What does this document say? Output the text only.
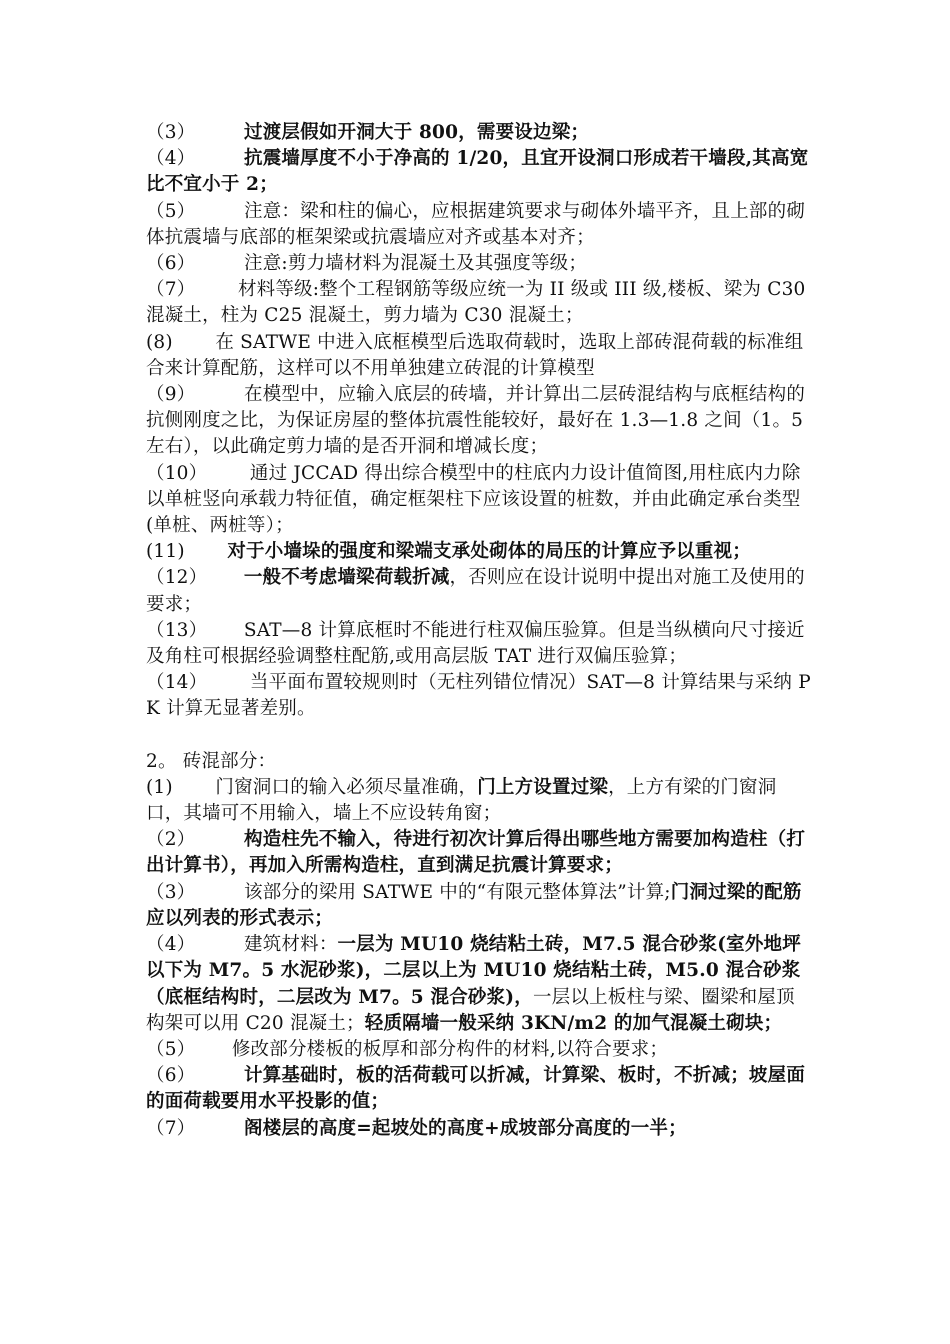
（3）	过渡层假如开洞大于 800，需要设边梁；

（4）	抗震墙厚度不小于净高的 1/20，且宜开设洞口形成若干墙段,其高宽比不宜小于 2；

（5）	注意：梁和柱的偏心，应根据建筑要求与砌体外墙平齐，且上部的砌体抗震墙与底部的框架梁或抗震墙应对齐或基本对齐；

（6）	注意:剪力墙材料为混凝土及其强度等级；

（7） 材料等级:整个工程钢筋等级应统一为 II 级或 III 级,楼板、梁为 C30 混凝土，柱为 C25 混凝土，剪力墙为 C30 混凝土；

(8) 在 SATWE 中进入底框模型后选取荷载时，选取上部砖混荷载的标准组合来计算配筋，这样可以不用单独建立砖混的计算模型

（9）	在模型中，应输入底层的砖墙，并计算出二层砖混结构与底框结构的抗侧刚度之比，为保证房屋的整体抗震性能较好，最好在 1.3—1.8 之间（1。5 左右），以此确定剪力墙的是否开洞和增减长度；

（10） 通过 JCCAD 得出综合模型中的柱底内力设计值简图,用柱底内力除以单桩竖向承载力特征值，确定框架柱下应该设置的桩数，并由此确定承台类型(单桩、两桩等）；

(11) 对于小墙垛的强度和梁端支承处砌体的局压的计算应予以重视；

（12） 一般不考虑墙梁荷载折减，否则应在设计说明中提出对施工及使用的要求；

（13） SAT—8 计算底框时不能进行柱双偏压验算。但是当纵横向尺寸接近及角柱可根据经验调整柱配筋,或用高层版 TAT 进行双偏压验算；

（14） 当平面布置较规则时（无柱列错位情况）SAT—8 计算结果与采纳 PK 计算无显著差别。

2。 砖混部分：

(1) 门窗洞口的输入必须尽量准确，门上方设置过梁，上方有梁的门窗洞口，其墙可不用输入，墙上不应设转角窗；

（2）	构造柱先不输入，待进行初次计算后得出哪些地方需要加构造柱（打出计算书），再加入所需构造柱，直到满足抗震计算要求；

（3）	该部分的梁用 SATWE 中的“有限元整体算法”计算;门洞过梁的配筋应以列表的形式表示；

（4）	建筑材料：一层为 MU10 烧结粘土砖，M7.5 混合砂浆(室外地坪以下为 M7。5 水泥砂浆)，二层以上为 MU10 烧结粘土砖，M5.0 混合砂浆（底框结构时，二层改为 M7。5 混合砂浆)，一层以上板柱与梁、圈梁和屋顶构架可以用 C20 混凝土；轻质隔墙一般采纳 3KN/m2 的加气混凝土砌块；

（5） 修改部分楼板的板厚和部分构件的材料,以符合要求；

（6）	计算基础时，板的活荷载可以折减，计算梁、板时，不折减；坡屋面的面荷载要用水平投影的值；

（7）	阁楼层的高度=起坡处的高度+成坡部分高度的一半；
